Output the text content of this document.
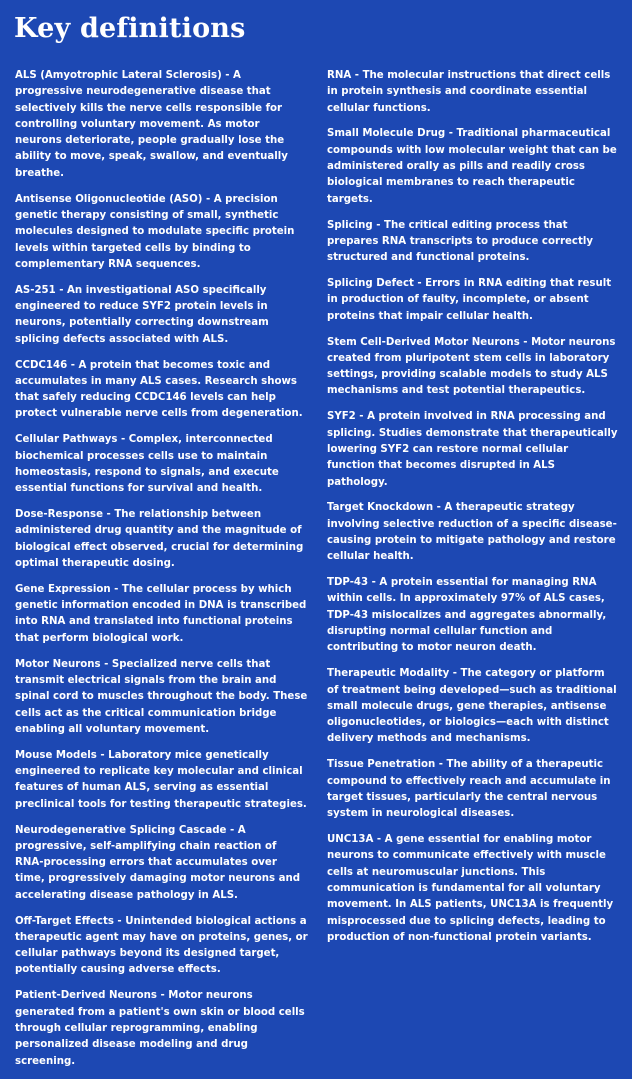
Key definitions

ALS (Amyotrophic Lateral Sclerosis) - A progressive neurodegenerative disease that selectively kills the nerve cells responsible for controlling voluntary movement. As motor neurons deteriorate, people gradually lose the ability to move, speak, swallow, and eventually breathe.

Antisense Oligonucleotide (ASO) - A precision genetic therapy consisting of small, synthetic molecules designed to modulate specific protein levels within targeted cells by binding to complementary RNA sequences.

AS-251 - An investigational ASO specifically engineered to reduce SYF2 protein levels in neurons, potentially correcting downstream splicing defects associated with ALS.

CCDC146 - A protein that becomes toxic and accumulates in many ALS cases. Research shows that safely reducing CCDC146 levels can help protect vulnerable nerve cells from degeneration.

Cellular Pathways - Complex, interconnected biochemical processes cells use to maintain homeostasis, respond to signals, and execute essential functions for survival and health.

Dose-Response - The relationship between administered drug quantity and the magnitude of biological effect observed, crucial for determining optimal therapeutic dosing.

Gene Expression - The cellular process by which genetic information encoded in DNA is transcribed into RNA and translated into functional proteins that perform biological work.

Motor Neurons - Specialized nerve cells that transmit electrical signals from the brain and spinal cord to muscles throughout the body. These cells act as the critical communication bridge enabling all voluntary movement.

Mouse Models - Laboratory mice genetically engineered to replicate key molecular and clinical features of human ALS, serving as essential preclinical tools for testing therapeutic strategies.

Neurodegenerative Splicing Cascade - A progressive, self-amplifying chain reaction of RNA-processing errors that accumulates over time, progressively damaging motor neurons and accelerating disease pathology in ALS.

Off-Target Effects - Unintended biological actions a therapeutic agent may have on proteins, genes, or cellular pathways beyond its designed target, potentially causing adverse effects.

Patient-Derived Neurons - Motor neurons generated from a patient's own skin or blood cells through cellular reprogramming, enabling personalized disease modeling and drug screening.

RNA - The molecular instructions that direct cells in protein synthesis and coordinate essential cellular functions.

Small Molecule Drug - Traditional pharmaceutical compounds with low molecular weight that can be administered orally as pills and readily cross biological membranes to reach therapeutic targets.

Splicing - The critical editing process that prepares RNA transcripts to produce correctly structured and functional proteins.

Splicing Defect - Errors in RNA editing that result in production of faulty, incomplete, or absent proteins that impair cellular health.

Stem Cell-Derived Motor Neurons - Motor neurons created from pluripotent stem cells in laboratory settings, providing scalable models to study ALS mechanisms and test potential therapeutics.

SYF2 - A protein involved in RNA processing and splicing. Studies demonstrate that therapeutically lowering SYF2 can restore normal cellular function that becomes disrupted in ALS pathology.

Target Knockdown - A therapeutic strategy involving selective reduction of a specific disease-causing protein to mitigate pathology and restore cellular health.

TDP-43 - A protein essential for managing RNA within cells. In approximately 97% of ALS cases, TDP-43 mislocalizes and aggregates abnormally, disrupting normal cellular function and contributing to motor neuron death.

Therapeutic Modality - The category or platform of treatment being developed—such as traditional small molecule drugs, gene therapies, antisense oligonucleotides, or biologics—each with distinct delivery methods and mechanisms.

Tissue Penetration - The ability of a therapeutic compound to effectively reach and accumulate in target tissues, particularly the central nervous system in neurological diseases.

UNC13A - A gene essential for enabling motor neurons to communicate effectively with muscle cells at neuromuscular junctions. This communication is fundamental for all voluntary movement. In ALS patients, UNC13A is frequently misprocessed due to splicing defects, leading to production of non-functional protein variants.
